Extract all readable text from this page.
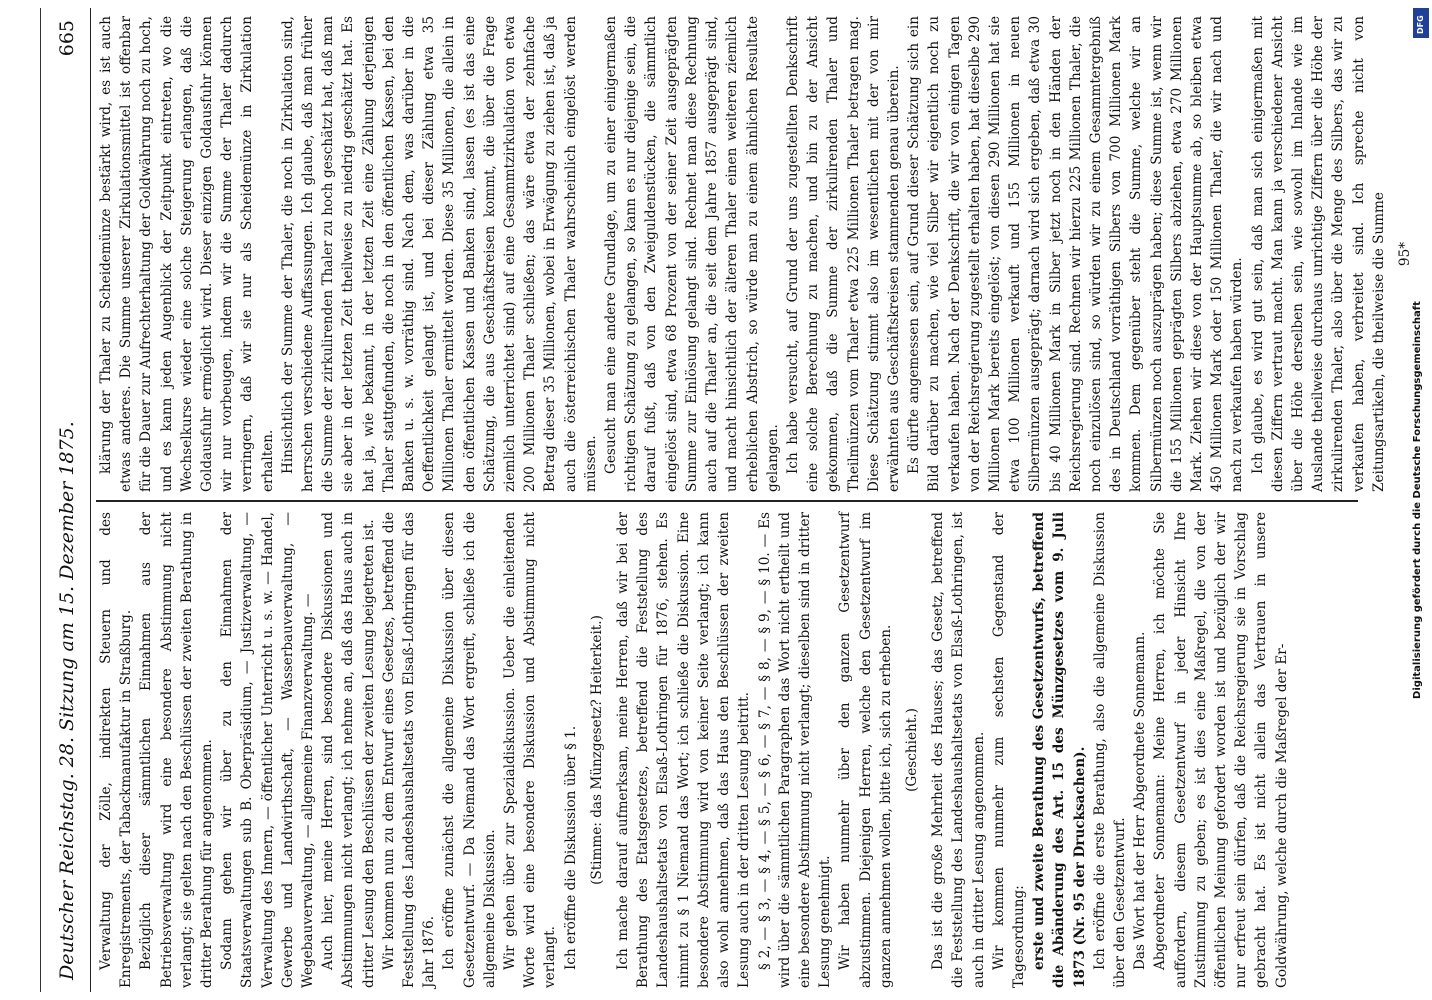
Deutscher Reichstag. 28. Sitzung am 15. Dezember 1875.
665

Verwaltung der Zölle, indirekten Steuern und des Enregistrements, der Tabackmanufaktur in Straßburg. Bezüglich dieser sämmtlichen Einnahmen aus der Betriebsverwaltung wird eine besondere Abstimmung nicht verlangt; sie gelten nach den Beschlüssen der zweiten Berathung in dritter Berathung für angenommen. Sodann gehen wir über zu den Einnahmen der Staatsverwaltungen sub B. Oberpräsidium, — Justizverwaltung, — Verwaltung des Innern, — öffentlicher Unterricht u. s. w. — Handel, Gewerbe und Landwirthschaft, — Wasserbauverwaltung, — Wegebauverwaltung, — allgemeine Finanzverwaltung. — Auch hier, meine Herren, sind besondere Diskussionen und Abstimmungen nicht verlangt; ich nehme an, daß das Haus auch in dritter Lesung den Beschlüssen der zweiten Lesung beigetreten ist. Wir kommen nun zu dem Entwurf eines Gesetzes, betreffend die Feststellung des Landeshaushaltsetats von Elsaß-Lothringen für das Jahr 1876. Ich eröffne zunächst die allgemeine Diskussion über diesen Gesetzentwurf. — Da Niemand das Wort ergreift, schließe ich die allgemeine Diskussion. Wir gehen über zur Spezialdiskussion. Ueber die einleitenden Worte wird eine besondere Diskussion und Abstimmung nicht verlangt. Ich eröffne die Diskussion über § 1. (Stimme: das Münzgesetz? Heiterkeit.) Ich mache darauf aufmerksam, meine Herren, daß wir bei der Berathung des Etatsgesetzes, betreffend die Feststellung des Landeshaushaltsetats von Elsaß-Lothringen für 1876, stehen. Es nimmt zu § 1 Niemand das Wort; ich schließe die Diskussion. Eine besondere Abstimmung wird von keiner Seite verlangt; ich kann also wohl annehmen, daß das Haus den Beschlüssen der zweiten Lesung auch in der dritten Lesung beitritt. § 2, — § 3, — § 4, — § 5, — § 6, — § 7, — § 8, — § 9, — § 10. — Es wird über die sämmtlichen Paragraphen das Wort nicht ertheilt und eine besondere Abstimmung nicht verlangt; dieselben sind in dritter Lesung genehmigt. Wir haben nunmehr über den ganzen Gesetzentwurf abzustimmen. Diejenigen Herren, welche den Gesetzentwurf im ganzen annehmen wollen, bitte ich, sich zu erheben. (Geschieht.) Das ist die große Mehrheit des Hauses; das Gesetz, betreffend die Feststellung des Landeshaushaltsetats von Elsaß-Lothringen, ist auch in dritter Lesung angenommen. Wir kommen nunmehr zum sechsten Gegenstand der Tagesordnung: erste und zweite Berathung des Gesetzentwurfs, betreffend die Abänderung des Art. 15 des Münzgesetzes vom 9. Juli 1873 (Nr. 95 der Drucksachen). Ich eröffne die erste Berathung, also die allgemeine Diskussion über den Gesetzentwurf. Das Wort hat der Herr Abgeordnete Sonnemann. Abgeordneter Sonnemann: Meine Herren, ich möchte Sie auffordern, diesem Gesetzentwurf in jeder Hinsicht Ihre Zustimmung zu geben; es ist dies eine Maßregel, die von der öffentlichen Meinung gefordert worden ist und bezüglich der wir nur erfreut sein dürfen, daß die Reichsregierung sie in Vorschlag gebracht hat. Es ist nicht allein das Vertrauen in unsere Goldwährung, welche durch die Maßregel der Er-

klärung der Thaler zu Scheidemünze bestärkt wird, es ist auch etwas anderes. Die Summe unserer Zirkulationsmittel ist offenbar für die Dauer zur Aufrechterhaltung der Goldwährung noch zu hoch, und es kann jeden Augenblick der Zeitpunkt eintreten, wo die Wechselkurse wieder eine solche Steigerung erlangen, daß die Goldausfuhr ermöglicht wird. Dieser einzigen Goldausfuhr können wir nur vorbeugen, indem wir die Summe der Thaler dadurch verringern, daß wir sie nur als Scheidemünze in Zirkulation erhalten. Hinsichtlich der Summe der Thaler, die noch in Zirkulation sind, herrschen verschiedene Auffassungen. Ich glaube, daß man früher die Summe der zirkulirenden Thaler zu hoch geschätzt hat, daß man sie aber in der letzten Zeit theilweise zu niedrig geschätzt hat. Es hat ja, wie bekannt, in der letzten Zeit eine Zählung derjenigen Thaler stattgefunden, die noch in den öffentlichen Kassen, bei den Banken u. s. w. vorräthig sind. Nach dem, was darüber in die Oeffentlichkeit gelangt ist, und bei dieser Zählung etwa 35 Millionen Thaler ermittelt worden. Diese 35 Millionen, die allein in den öffentlichen Kassen und Banken sind, lassen (es ist das eine Schätzung, die aus Geschäftskreisen kommt, die über die Frage ziemlich unterrichtet sind) auf eine Gesammtzirkulation von etwa 200 Millionen Thaler schließen; das wäre etwa der zehnfache Betrag dieser 35 Millionen, wobei in Erwägung zu ziehen ist, daß ja auch die österreichischen Thaler wahrscheinlich eingelöst werden müssen. Gesucht man eine andere Grundlage, um zu einer einigermaßen richtigen Schätzung zu gelangen, so kann es nur diejenige sein, die darauf fußt, daß von den Zweiguldenstücken, die sämmtlich eingelöst sind, etwa 68 Prozent von der seiner Zeit ausgeprägten Summe zur Einlösung gelangt sind. Rechnet man diese Rechnung auch auf die Thaler an, die seit dem Jahre 1857 ausgeprägt sind, und macht hinsichtlich der älteren Thaler einen weiteren ziemlich erheblichen Abstrich, so würde man zu einem ähnlichen Resultate gelangen. Ich habe versucht, auf Grund der uns zugestellten Denkschrift eine solche Berechnung zu machen, und bin zu der Ansicht gekommen, daß die Summe der zirkulirenden Thaler und Theilmünzen vom Thaler etwa 225 Millionen Thaler betragen mag. Diese Schätzung stimmt also im wesentlichen mit der von mir erwähnten aus Geschäftskreisen stammenden genau überein. Es dürfte angemessen sein, auf Grund dieser Schätzung sich ein Bild darüber zu machen, wie viel Silber wir eigentlich noch zu verkaufen haben. Nach der Denkschrift, die wir von einigen Tagen von der Reichsregierung zugestellt erhalten haben, hat dieselbe 290 Millionen Mark bereits eingelöst; von diesen 290 Millionen hat sie etwa 100 Millionen verkauft und 155 Millionen in neuen Silbermünzen ausgeprägt; darnach wird sich ergeben, daß etwa 30 bis 40 Millionen Mark in Silber jetzt noch in den Händen der Reichsregierung sind. Rechnen wir hierzu 225 Millionen Thaler, die noch einzulösen sind, so würden wir zu einem Gesammtergebniß des in Deutschland vorräthigen Silbers von 700 Millionen Mark kommen. Dem gegenüber steht die Summe, welche wir an Silbermünzen noch auszuprägen haben; diese Summe ist, wenn wir die 155 Millionen geprägten Silbers abziehen, etwa 270 Millionen Mark. Ziehen wir diese von der Hauptsumme ab, so bleiben etwa 450 Millionen Mark oder 150 Millionen Thaler, die wir nach und nach zu verkaufen haben würden. Ich glaube, es wird gut sein, daß man sich einigermaßen mit diesen Ziffern vertraut macht. Man kann ja verschiedener Ansicht über die Höhe derselben sein, wie sowohl im Inlande wie im Auslande theilweise durchaus unrichtige Ziffern über die Höhe der zirkulirenden Thaler, also über die Menge des Silbers, das wir zu verkaufen haben, verbreitet sind. Ich spreche nicht von Zeitungsartikeln, die theilweise die Summe 95*

DFG
Digitalisierung gefördert durch die Deutsche Forschungsgemeinschaft
